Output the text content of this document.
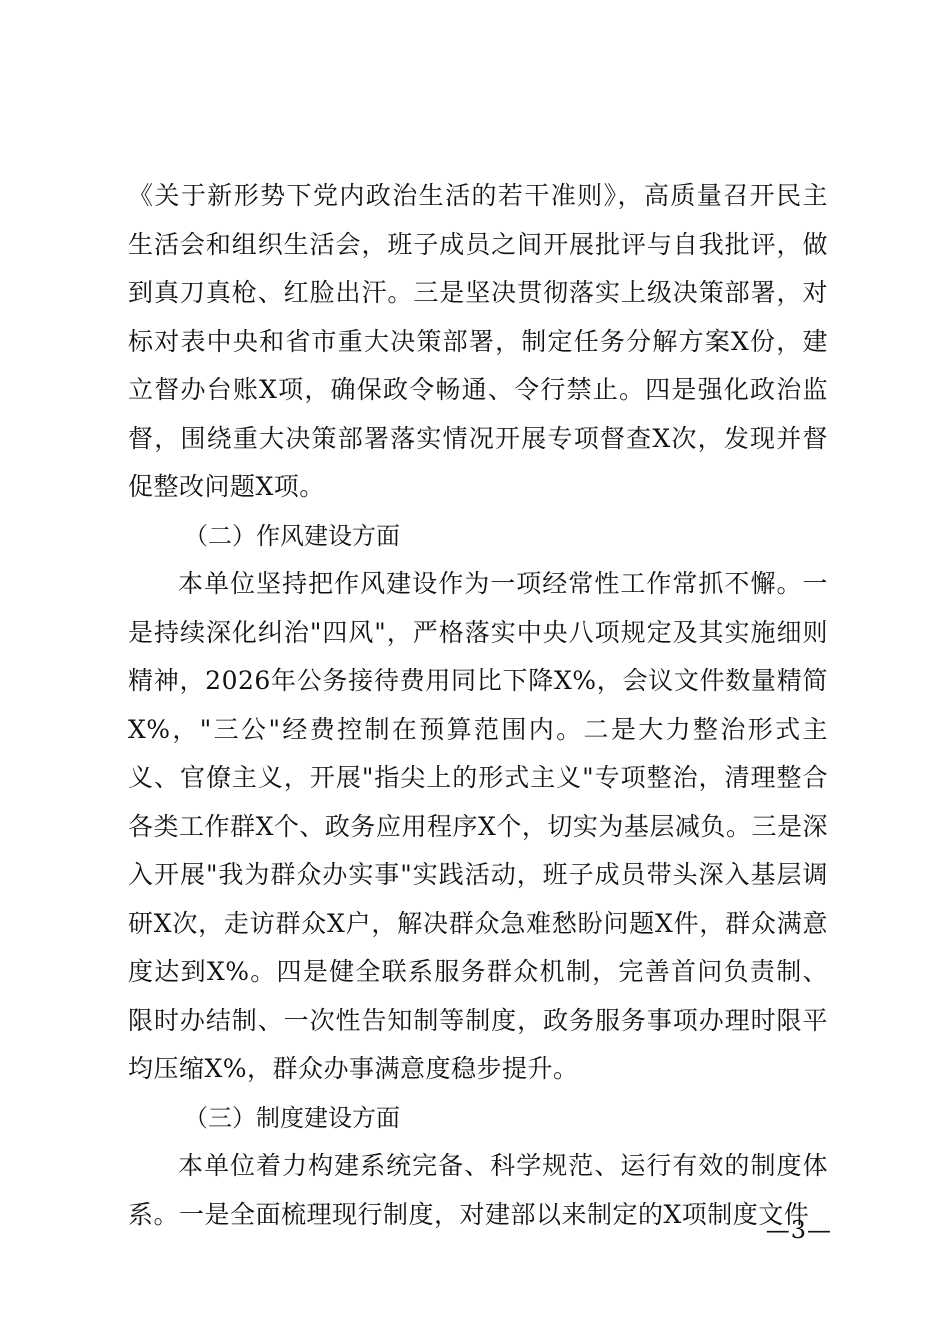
《关于新形势下党内政治生活的若干准则》，高质量召开民主生活会和组织生活会，班子成员之间开展批评与自我批评，做到真刀真枪、红脸出汗。三是坚决贯彻落实上级决策部署，对标对表中央和省市重大决策部署，制定任务分解方案X份，建立督办台账X项，确保政令畅通、令行禁止。四是强化政治监督，围绕重大决策部署落实情况开展专项督查X次，发现并督促整改问题X项。

（二）作风建设方面

本单位坚持把作风建设作为一项经常性工作常抓不懈。一是持续深化纠治"四风"，严格落实中央八项规定及其实施细则精神，2026年公务接待费用同比下降X%，会议文件数量精简X%，"三公"经费控制在预算范围内。二是大力整治形式主义、官僚主义，开展"指尖上的形式主义"专项整治，清理整合各类工作群X个、政务应用程序X个，切实为基层减负。三是深入开展"我为群众办实事"实践活动，班子成员带头深入基层调研X次，走访群众X户，解决群众急难愁盼问题X件，群众满意度达到X%。四是健全联系服务群众机制，完善首问负责制、限时办结制、一次性告知制等制度，政务服务事项办理时限平均压缩X%，群众办事满意度稳步提升。

（三）制度建设方面

本单位着力构建系统完备、科学规范、运行有效的制度体系。一是全面梳理现行制度，对建部以来制定的X项制度文件

—3—
